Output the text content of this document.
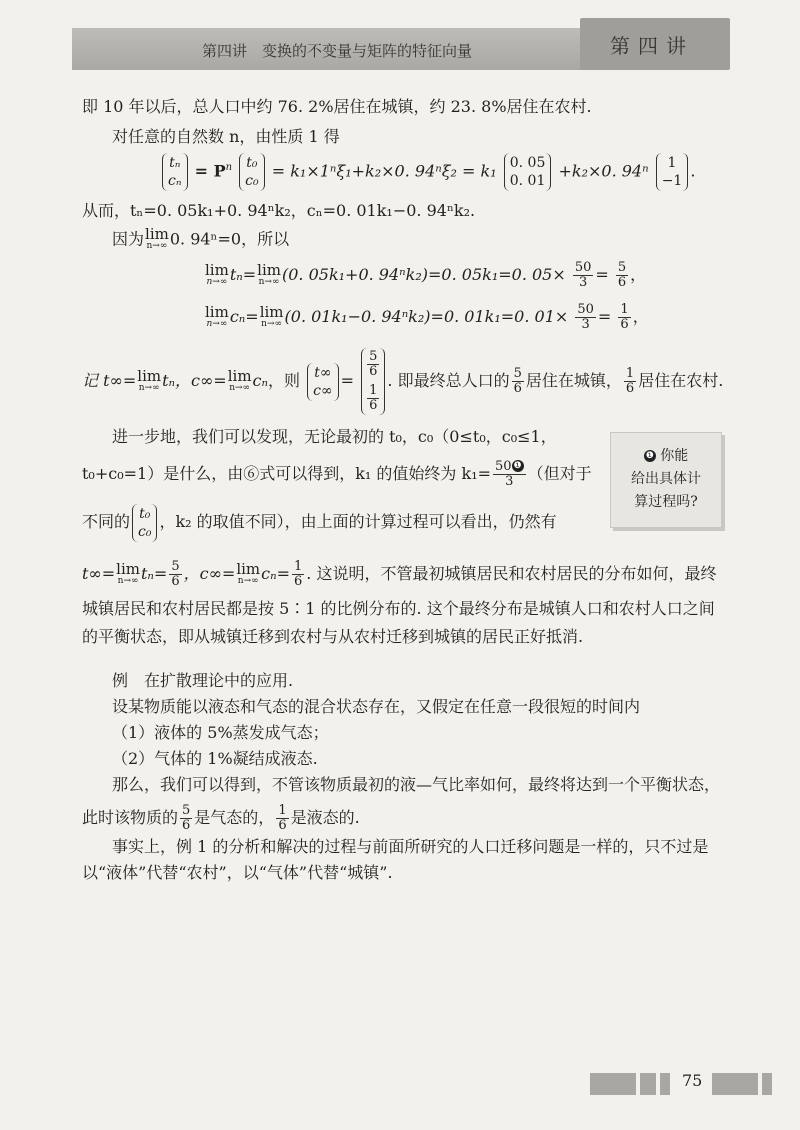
第四讲　变换的不变量与矩阵的特征向量	第四讲
即 10 年以后，总人口中约 76. 2%居住在城镇，约 23. 8%居住在农村.
对任意的自然数 n，由性质 1 得
tₙ
cₙ
= $P^n$ t₀
c₀
= k₁×1ⁿξ₁+k₂×0. 94ⁿξ₂ = k₁ 0. 05
0. 01
+k₂×0. 94ⁿ	1
−1
.
从而，tₙ=0. 05k₁+0. 94ⁿk₂，cₙ=0. 01k₁−0. 94ⁿk₂.
因为 lim
n→∞ 0. 94ⁿ=0，所以
lim
n→∞ tₙ= lim
n→∞ (0. 05k₁+0. 94ⁿk₂)=0. 05k₁=0. $05\times \frac{50}{3} = \frac{5}{6}$ ，
lim
n→∞ cₙ= lim
n→∞ (0. 01k₁−0. 94ⁿk₂)=0. 01k₁=0. $01\times \frac{50}{3} = \frac{1}{6}$ ，
记 t∞= lim
n→∞ tₙ，c∞= lim
n→∞ cₙ，则 t∞
c∞
=
5
6
1
6
. 即最终总人口的 $\frac{5}{6}$ 居住在城镇， $\frac{1}{6}$ 居住在农村.
进一步地，我们可以发现，无论最初的 t₀，c₀（0≤t₀，c₀≤1，
t₀+c₀=1）是什么，由⑥式可以得到，k₁ 的值始终为 $k_1= \frac{\text{50 ❶}}{3}$ （但对于
不同的 t₀
c₀
，k₂ 的取值不同），由上面的计算过程可以看出，仍然有
t∞= lim
n→∞ $t_n= \frac{5}{6}$ ，c∞= lim
n→∞ $c_n= \frac{1}{6}$ . 这说明，不管最初城镇居民和农村居民的分布如何，最终
城镇居民和农村居民都是按 5∶1 的比例分布的. 这个最终分布是城镇人口和农村人口之间
的平衡状态，即从城镇迁移到农村与从农村迁移到城镇的居民正好抵消.
❶ 你能
给出具体计
算过程吗?
例　在扩散理论中的应用.
设某物质能以液态和气态的混合状态存在，又假定在任意一段很短的时间内
（1）液体的 5%蒸发成气态；
（2）气体的 1%凝结成液态.
那么，我们可以得到，不管该物质最初的液—气比率如何，最终将达到一个平衡状态，
此时该物质的 $\frac{5}{6}$ 是气态的， $\frac{1}{6}$ 是液态的.
事实上，例 1 的分析和解决的过程与前面所研究的人口迁移问题是一样的，只不过是
以“液体”代替“农村”，以“气体”代替“城镇”.
75
